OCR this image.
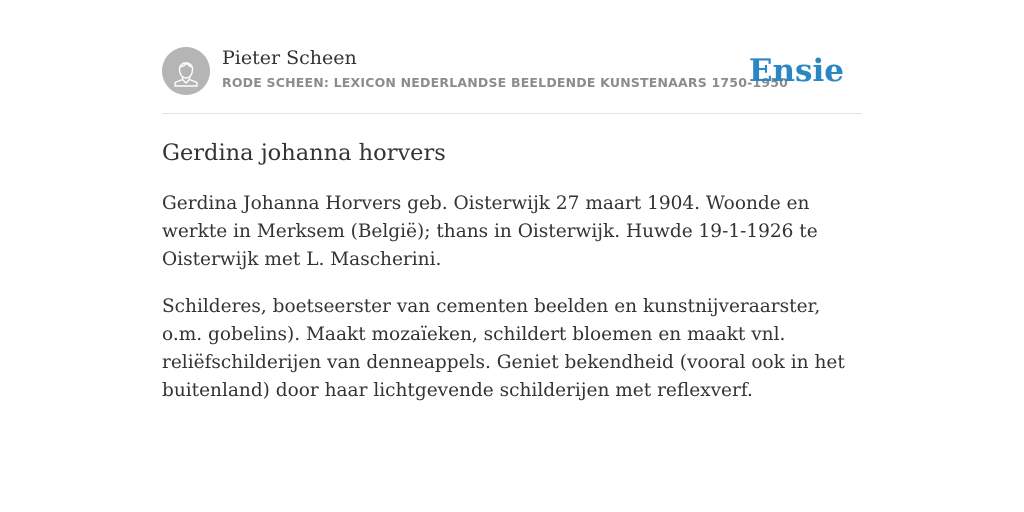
Pieter Scheen
RODE SCHEEN: LEXICON NEDERLANDSE BEELDENDE KUNSTENAARS 1750-1950
Ensie
Gerdina johanna horvers

Gerdina Johanna Horvers geb. Oisterwijk 27 maart 1904. Woonde en werkte in Merksem (België); thans in Oisterwijk. Huwde 19-1-1926 te Oisterwijk met L. Mascherini.

Schilderes, boetseerster van cementen beelden en kunstnijveraarster, o.m. gobelins). Maakt mozaïeken, schildert bloemen en maakt vnl. reliëfschilderijen van denneappels. Geniet bekendheid (vooral ook in het buitenland) door haar lichtgevende schilderijen met reflexverf.
